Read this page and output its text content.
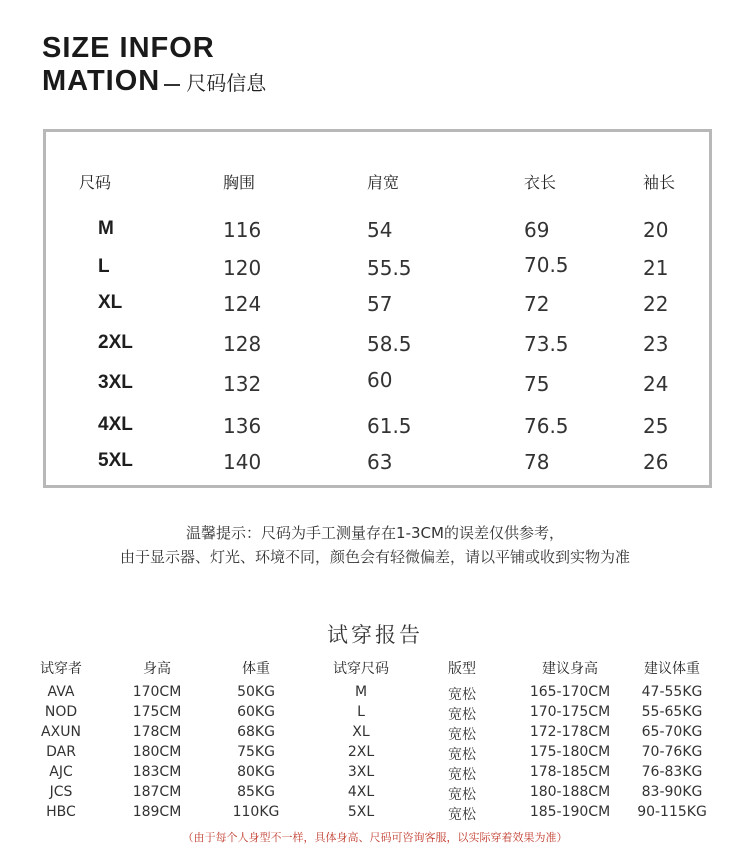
SIZE INFOR
MATION 尺码信息
尺码	胸围	肩宽	衣长	袖长
M	116	54	69	20
L	120	55.5	70.5	21
XL	124	57	72	22
2XL	128	58.5	73.5	23
3XL	132	60	75	24
4XL	136	61.5	76.5	25
5XL	140	63	78	26
温馨提示：尺码为手工测量存在1-3CM的误差仅供参考，
由于显示器、灯光、环境不同，颜色会有轻微偏差，请以平铺或收到实物为准
试穿报告
试穿者	身高	体重	试穿尺码	版型	建议身高	建议体重
AVA	170CM	50KG	M	宽松	165-170CM	47-55KG
NOD	175CM	60KG	L	宽松	170-175CM	55-65KG
AXUN	178CM	68KG	XL	宽松	172-178CM	65-70KG
DAR	180CM	75KG	2XL	宽松	175-180CM	70-76KG
AJC	183CM	80KG	3XL	宽松	178-185CM	76-83KG
JCS	187CM	85KG	4XL	宽松	180-188CM	83-90KG
HBC	189CM	110KG	5XL	宽松	185-190CM	90-115KG
（由于每个人身型不一样，具体身高、尺码可咨询客服，以实际穿着效果为准）
